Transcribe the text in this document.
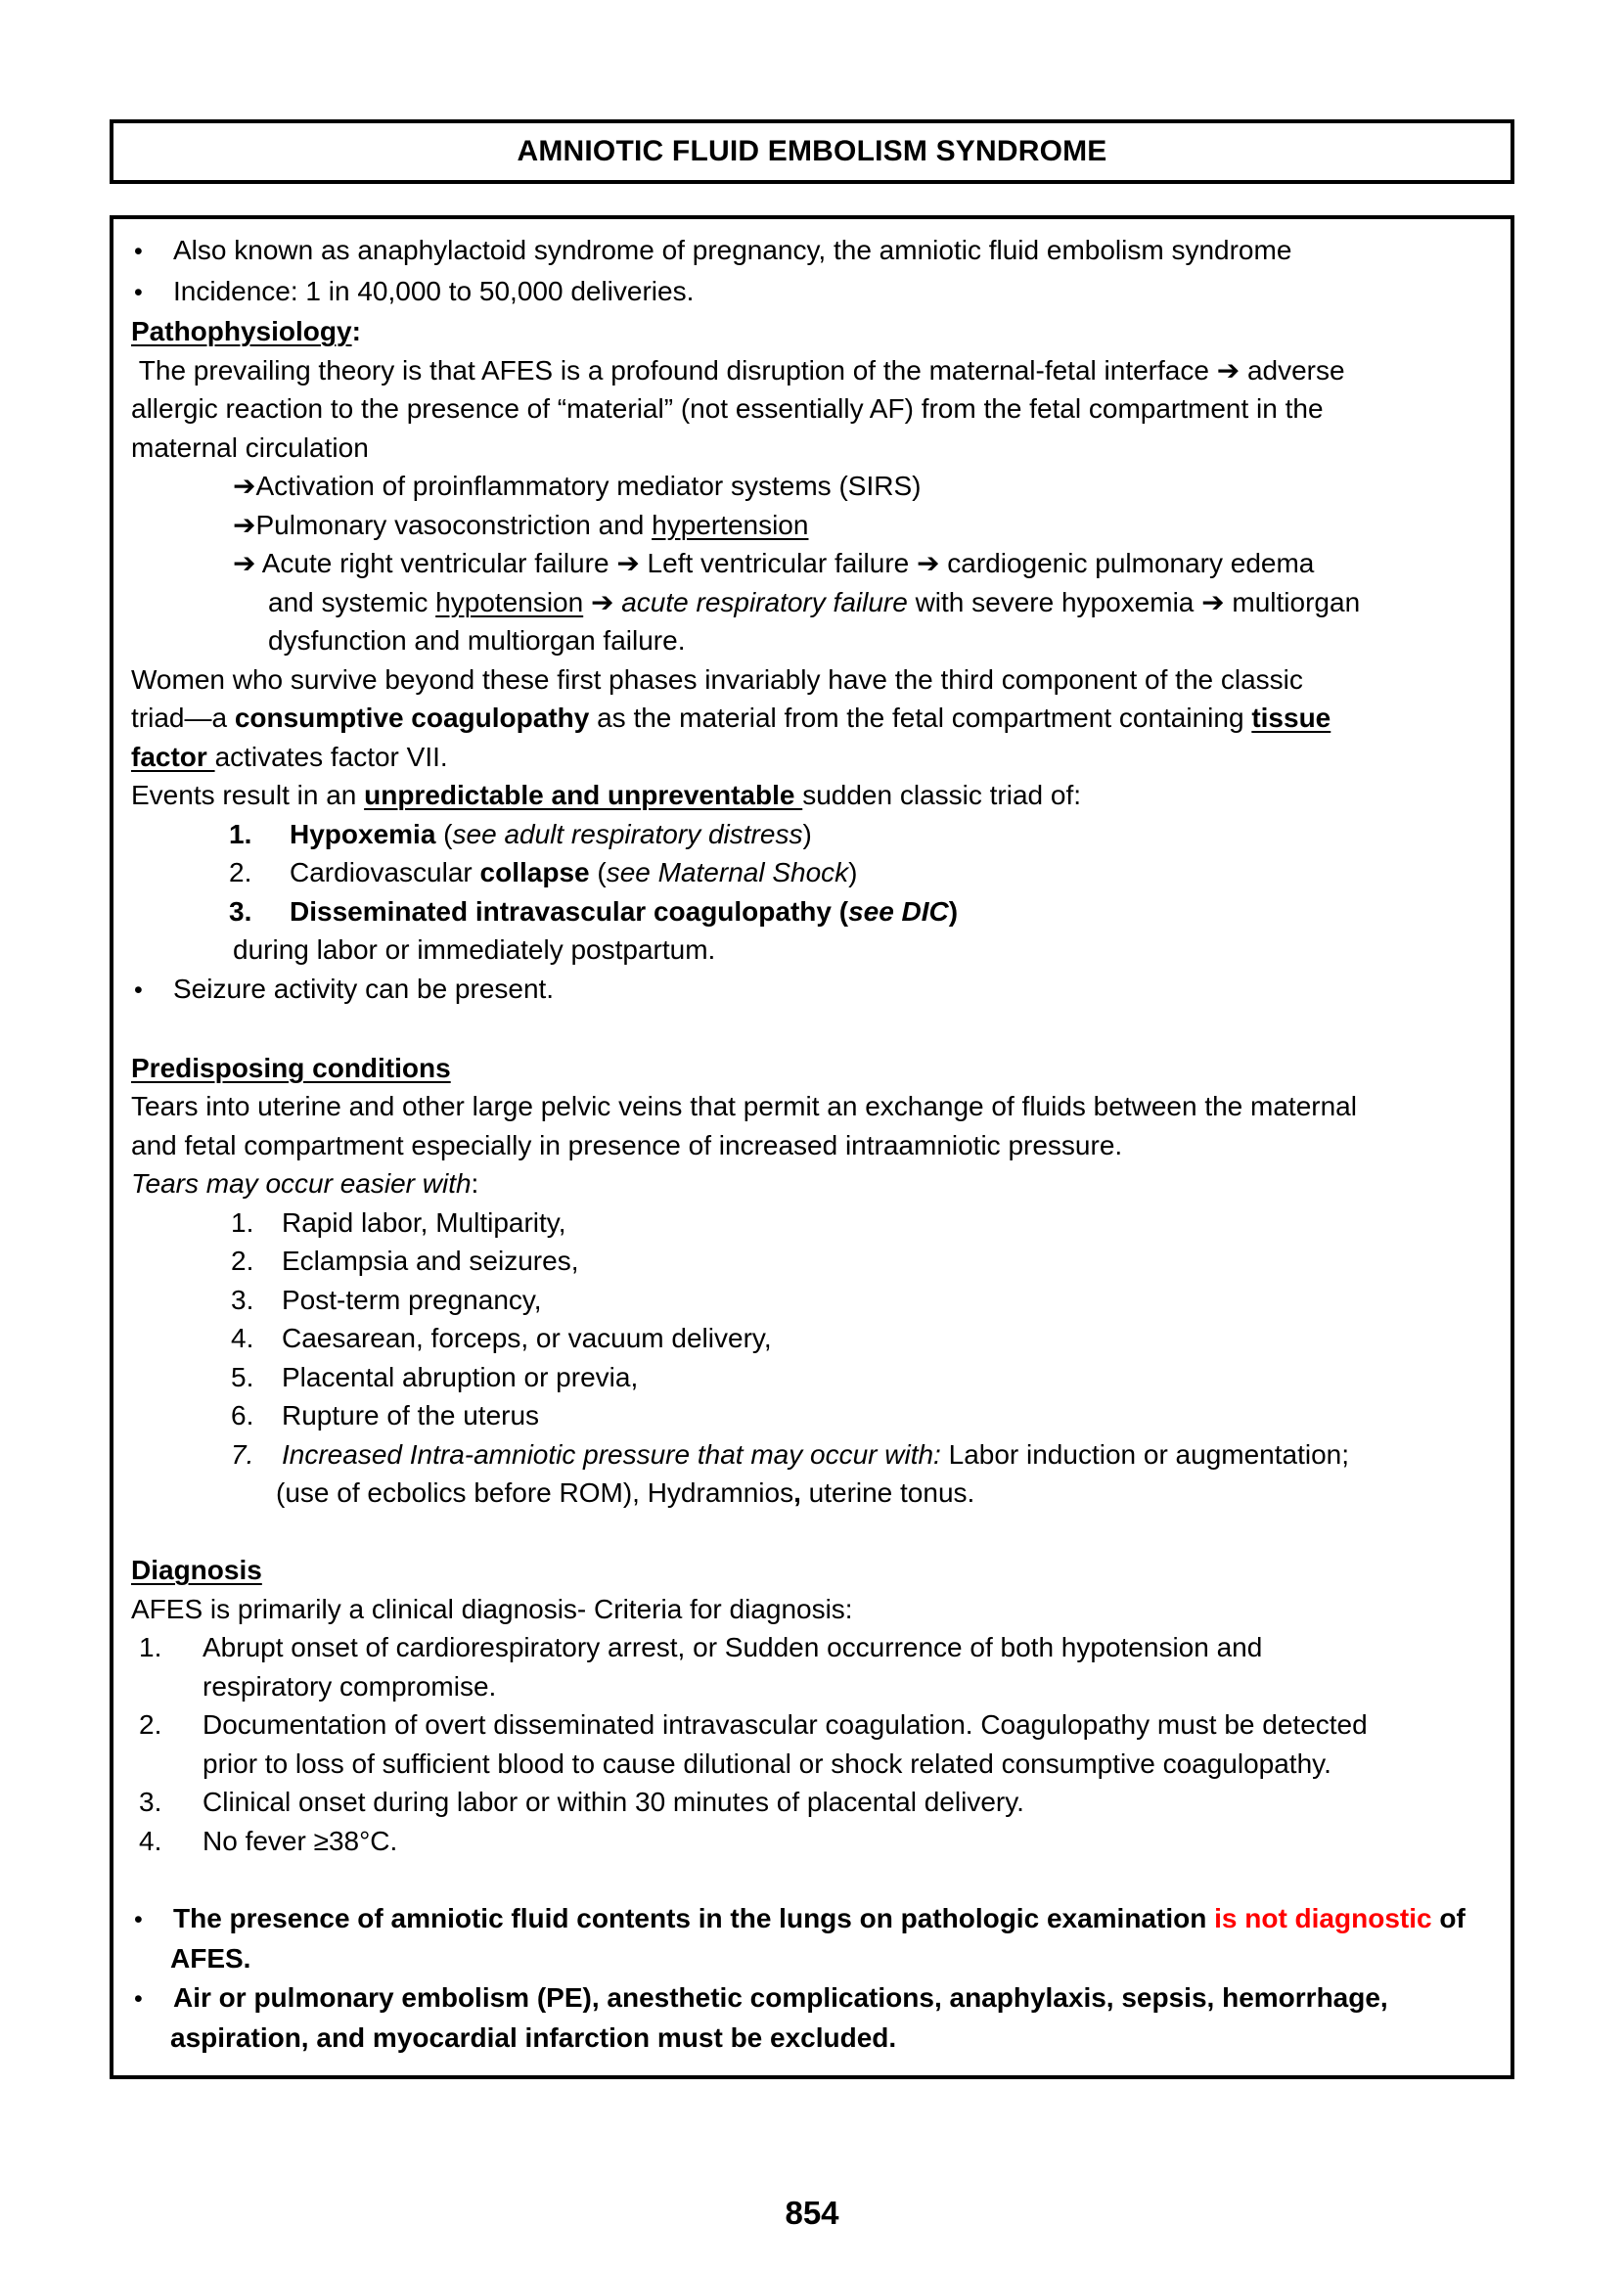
AMNIOTIC FLUID EMBOLISM SYNDROME
•	Also known as anaphylactoid syndrome of pregnancy, the amniotic fluid embolism syndrome
•	Incidence: 1 in 40,000 to 50,000 deliveries.
Pathophysiology:
The prevailing theory is that AFES is a profound disruption of the maternal-fetal interface ➔ adverse
allergic reaction to the presence of “material” (not essentially AF) from the fetal compartment in the
maternal circulation
➔Activation of proinflammatory mediator systems (SIRS)
➔Pulmonary vasoconstriction and hypertension
➔ Acute right ventricular failure ➔ Left ventricular failure ➔ cardiogenic pulmonary edema
and systemic hypotension ➔ acute respiratory failure with severe hypoxemia ➔ multiorgan
dysfunction and multiorgan failure.
Women who survive beyond these first phases invariably have the third component of the classic
triad—a consumptive coagulopathy as the material from the fetal compartment containing tissue
factor activates factor VII.
Events result in an unpredictable and unpreventable sudden classic triad of:
1.	Hypoxemia (see adult respiratory distress)
2.	Cardiovascular collapse (see Maternal Shock)
3.	Disseminated intravascular coagulopathy (see DIC)
during labor or immediately postpartum.
•	Seizure activity can be present.
Predisposing conditions
Tears into uterine and other large pelvic veins that permit an exchange of fluids between the maternal
and fetal compartment especially in presence of increased intraamniotic pressure.
Tears may occur easier with:
1.	Rapid labor, Multiparity,
2.	Eclampsia and seizures,
3.	Post-term pregnancy,
4.	Caesarean, forceps, or vacuum delivery,
5.	Placental abruption or previa,
6.	Rupture of the uterus
7.	Increased Intra-amniotic pressure that may occur with: Labor induction or augmentation;
(use of ecbolics before ROM), Hydramnios, uterine tonus.
Diagnosis
AFES is primarily a clinical diagnosis- Criteria for diagnosis:
1.	Abrupt onset of cardiorespiratory arrest, or Sudden occurrence of both hypotension and
respiratory compromise.
2.	Documentation of overt disseminated intravascular coagulation. Coagulopathy must be detected
prior to loss of sufficient blood to cause dilutional or shock related consumptive coagulopathy.
3.	Clinical onset during labor or within 30 minutes of placental delivery.
4.	No fever ≥38°C.
•	The presence of amniotic fluid contents in the lungs on pathologic examination is not diagnostic of
AFES.
•	Air or pulmonary embolism (PE), anesthetic complications, anaphylaxis, sepsis, hemorrhage,
aspiration, and myocardial infarction must be excluded.
854
